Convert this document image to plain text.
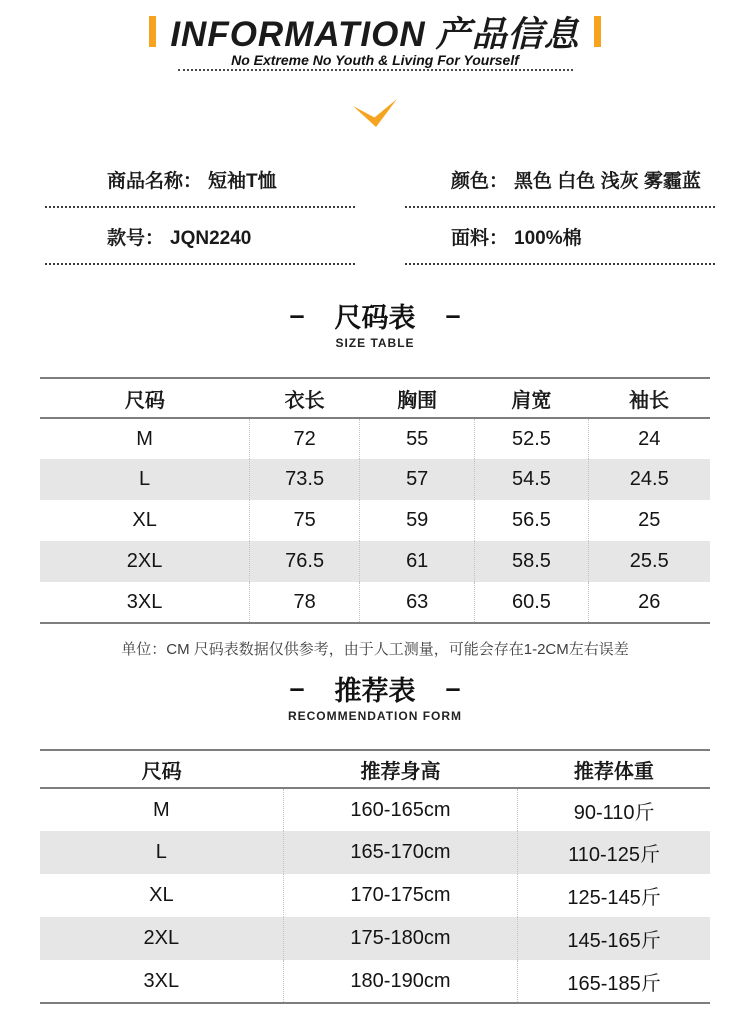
INFORMATION 产品信息
No Extreme No Youth & Living For Yourself
商品名称： 短袖T恤	颜色： 黑色 白色 浅灰 雾霾蓝
款号： JQN2240	面料： 100%棉
– 尺码表 –
SIZE TABLE
尺码	衣长	胸围	肩宽	袖长
M	72	55	52.5	24
L	73.5	57	54.5	24.5
XL	75	59	56.5	25
2XL	76.5	61	58.5	25.5
3XL	78	63	60.5	26
单位：CM 尺码表数据仅供参考，由于人工测量，可能会存在1-2CM左右误差
– 推荐表 –
RECOMMENDATION FORM
尺码	推荐身高	推荐体重
M	160-165cm	90-110斤
L	165-170cm	110-125斤
XL	170-175cm	125-145斤
2XL	175-180cm	145-165斤
3XL	180-190cm	165-185斤
